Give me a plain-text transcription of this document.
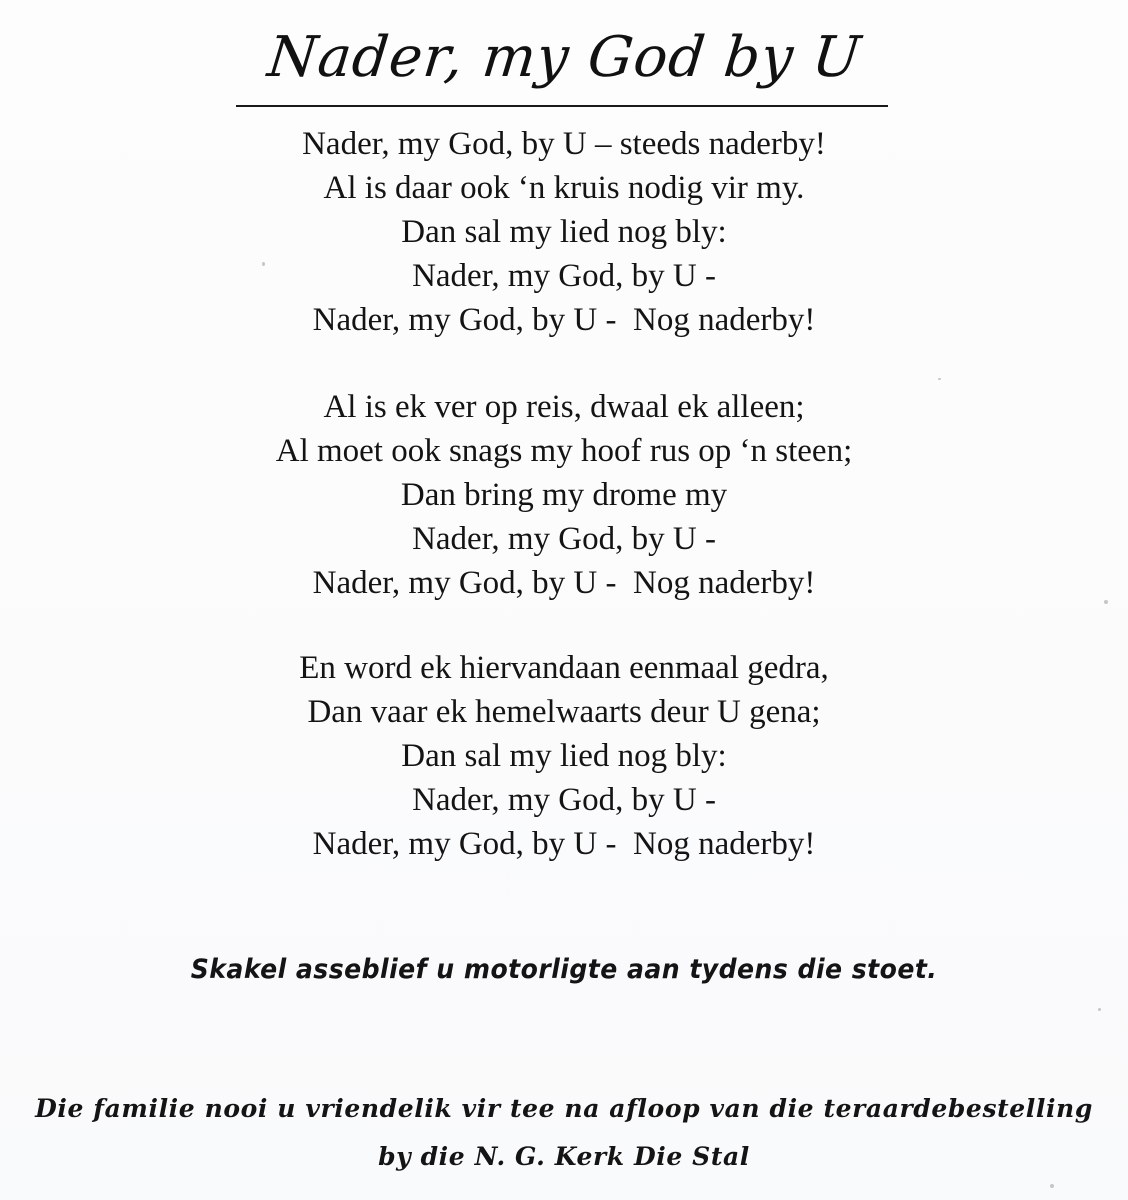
Nader, my God by U
Nader, my God, by U – steeds naderby!
Al is daar ook ‘n kruis nodig vir my.
Dan sal my lied nog bly:
Nader, my God, by U -
Nader, my God, by U -  Nog naderby!
Al is ek ver op reis, dwaal ek alleen;
Al moet ook snags my hoof rus op ‘n steen;
Dan bring my drome my
Nader, my God, by U -
Nader, my God, by U -  Nog naderby!
En word ek hiervandaan eenmaal gedra,
Dan vaar ek hemelwaarts deur U gena;
Dan sal my lied nog bly:
Nader, my God, by U -
Nader, my God, by U -  Nog naderby!
Skakel asseblief u motorligte aan tydens die stoet.
Die familie nooi u vriendelik vir tee na afloop van die teraardebestelling
by die N. G. Kerk Die Stal
